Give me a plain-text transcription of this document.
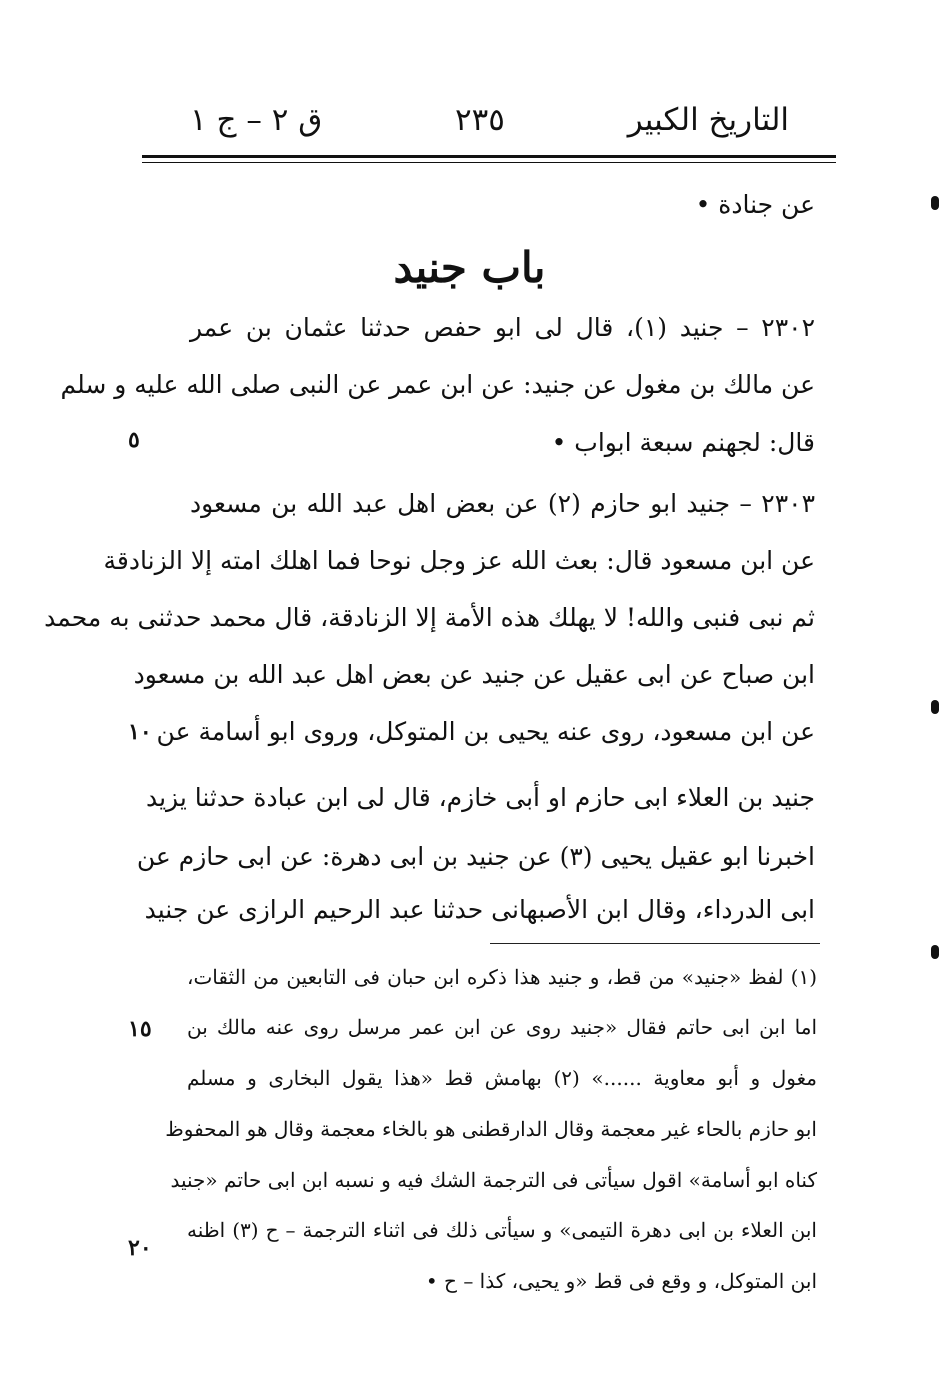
التاريخ الكبير
٢٣٥
ق ٢ – ج ١
عن جنادة •
باب جنيد
٢٣٠٢ – جنيد (١)، قال لى ابو حفص حدثنا عثمان بن عمر
عن مالك بن مغول عن جنيد: عن ابن عمر عن النبى صلى الله عليه و سلم
قال: لجهنم سبعة ابواب •
٢٣٠٣ – جنيد ابو حازم (٢) عن بعض اهل عبد الله بن مسعود
عن ابن مسعود قال: بعث الله عز وجل نوحا فما اهلك امته إلا الزنادقة
ثم نبى فنبى والله! لا يهلك هذه الأمة إلا الزنادقة، قال محمد حدثنى به محمد
ابن صباح عن ابى عقيل عن جنيد عن بعض اهل عبد الله بن مسعود
عن ابن مسعود، روى عنه يحيى بن المتوكل، وروى ابو أسامة عن
جنيد بن العلاء ابى حازم او أبى خازم، قال لى ابن عبادة حدثنا يزيد
اخبرنا ابو عقيل يحيى (٣) عن جنيد بن ابى دهرة: عن ابى حازم عن
ابى الدرداء، وقال ابن الأصبهانى حدثنا عبد الرحيم الرازى عن جنيد
(١) لفظ «جنيد» من قط، و جنيد هذا ذكره ابن حبان فى التابعين من الثقات،
اما ابن ابى حاتم فقال «جنيد روى عن ابن عمر مرسل روى عنه مالك بن
مغول و أبو معاوية ......» (٢) بهامش قط «هذا يقول البخارى و مسلم
ابو حازم بالحاء غير معجمة وقال الدارقطنى هو بالخاء معجمة وقال هو المحفوظ
كناه ابو أسامة» اقول سيأتى فى الترجمة الشك فيه و نسبه ابن ابى حاتم «جنيد
ابن العلاء بن ابى دهرة التيمى» و سيأتى ذلك فى اثناء الترجمة – ح (٣) اظنه
ابن المتوكل، و وقع فى قط «و يحيى، كذا – ح •
٥
١٠
١٥
٢٠
